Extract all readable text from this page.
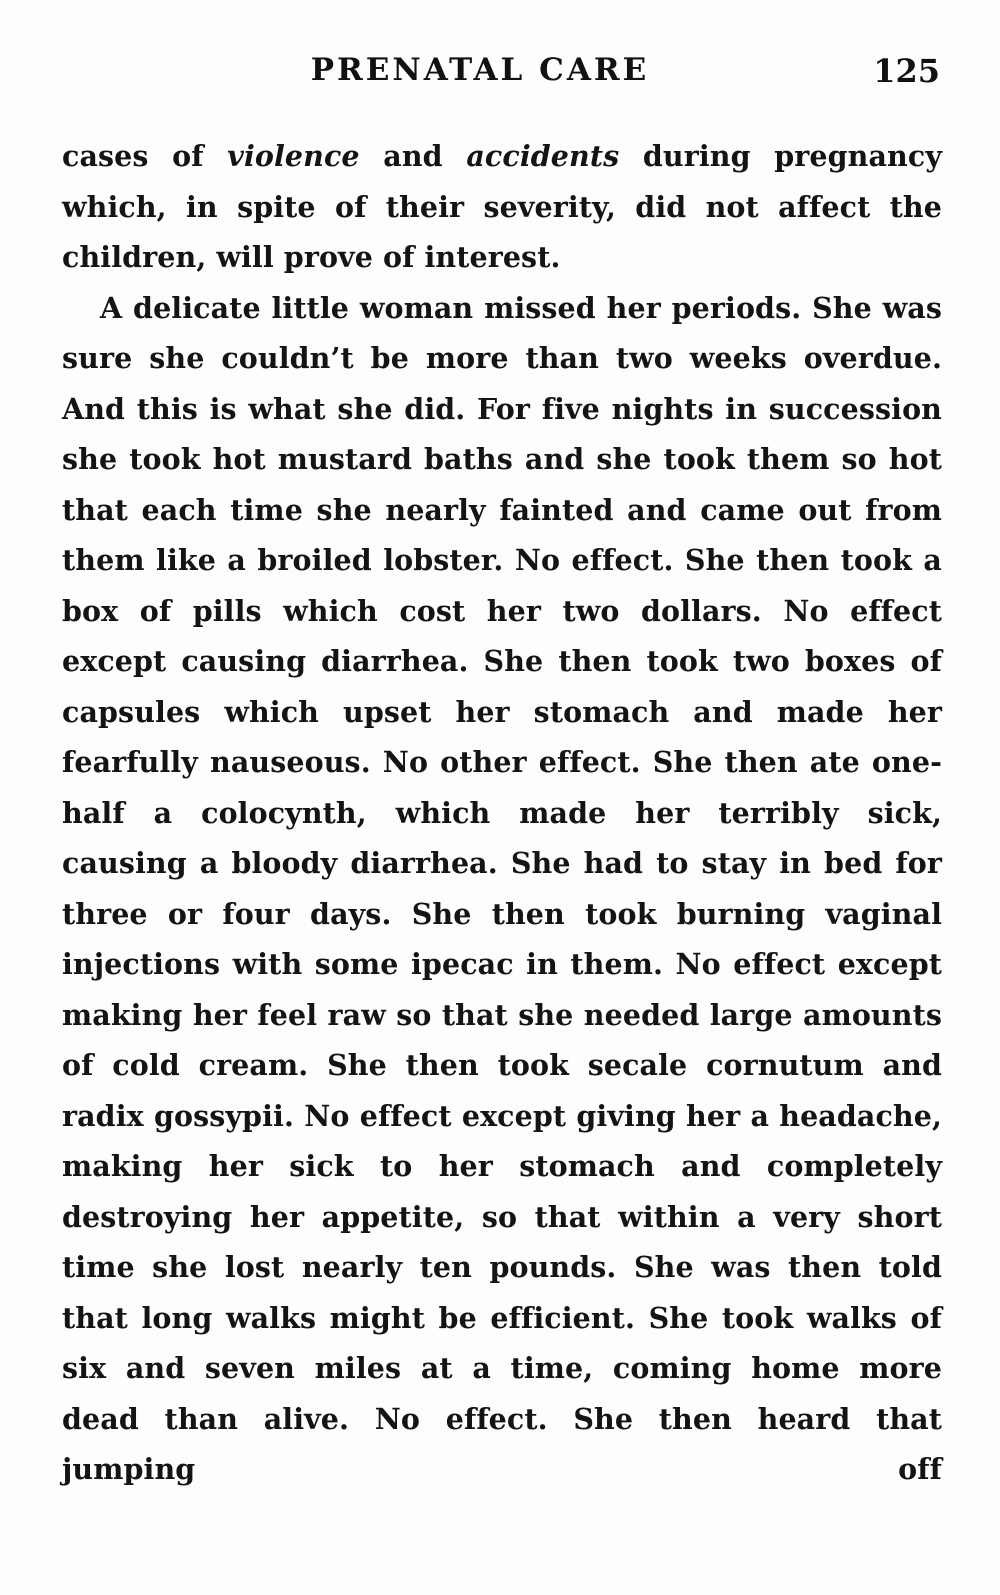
PRENATAL CARE	125

cases of violence and accidents during pregnancy which, in spite of their severity, did not affect the children, will prove of interest.

A delicate little woman missed her periods. She was sure she couldn’t be more than two weeks overdue. And this is what she did. For five nights in succession she took hot mustard baths and she took them so hot that each time she nearly fainted and came out from them like a broiled lobster. No effect. She then took a box of pills which cost her two dollars. No effect except causing diarrhea. She then took two boxes of capsules which upset her stomach and made her fearfully nauseous. No other effect. She then ate one-half a colocynth, which made her terribly sick, causing a bloody diarrhea. She had to stay in bed for three or four days. She then took burning vaginal injections with some ipecac in them. No effect except making her feel raw so that she needed large amounts of cold cream. She then took secale cornutum and radix gossypii. No effect except giving her a headache, making her sick to her stomach and completely destroying her appetite, so that within a very short time she lost nearly ten pounds. She was then told that long walks might be efficient. She took walks of six and seven miles at a time, coming home more dead than alive. No effect. She then heard that jumping off
